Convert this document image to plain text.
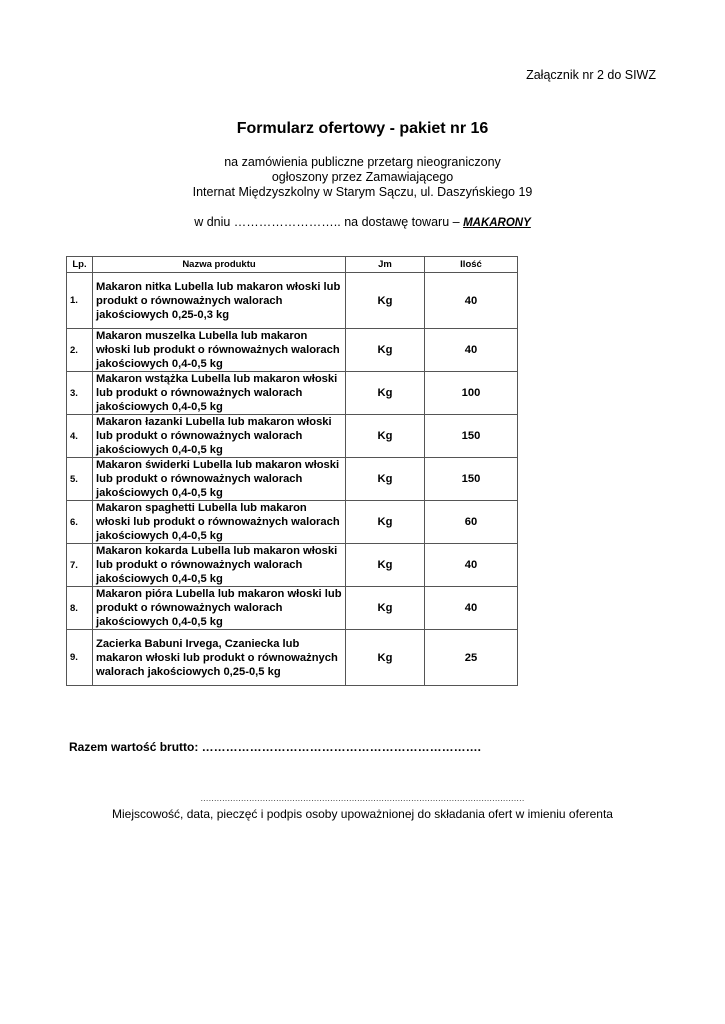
Załącznik nr 2 do SIWZ
Formularz ofertowy - pakiet nr 16
na zamówienia publiczne przetarg nieograniczony
ogłoszony przez Zamawiającego
Internat Międzyszkolny w Starym Sączu, ul. Daszyńskiego 19
w dniu …………………….. na dostawę towaru – MAKARONY
Lp.	Nazwa produktu	Jm	Ilość
1.	Makaron nitka Lubella lub makaron włoski lub produkt o równoważnych walorach jakościowych 0,25-0,3 kg	Kg	40
2.	Makaron muszelka Lubella lub makaron włoski lub produkt o równoważnych walorach jakościowych 0,4-0,5 kg	Kg	40
3.	Makaron wstążka Lubella lub makaron włoski lub produkt o równoważnych walorach jakościowych 0,4-0,5 kg	Kg	100
4.	Makaron łazanki Lubella lub makaron włoski lub produkt o równoważnych walorach jakościowych 0,4-0,5 kg	Kg	150
5.	Makaron świderki Lubella lub makaron włoski lub produkt o równoważnych walorach jakościowych 0,4-0,5 kg	Kg	150
6.	Makaron spaghetti Lubella lub makaron włoski lub produkt o równoważnych walorach jakościowych 0,4-0,5 kg	Kg	60
7.	Makaron kokarda Lubella lub makaron włoski lub produkt o równoważnych walorach jakościowych 0,4-0,5 kg	Kg	40
8.	Makaron pióra Lubella lub makaron włoski lub produkt o równoważnych walorach jakościowych 0,4-0,5 kg	Kg	40
9.	Zacierka Babuni Irvega, Czaniecka lub makaron włoski lub produkt o równoważnych walorach jakościowych 0,25-0,5 kg	Kg	25
Razem wartość brutto: …………………………………………………………….
........................................................................................................................
Miejscowość, data, pieczęć i podpis osoby upoważnionej do składania ofert w imieniu oferenta
